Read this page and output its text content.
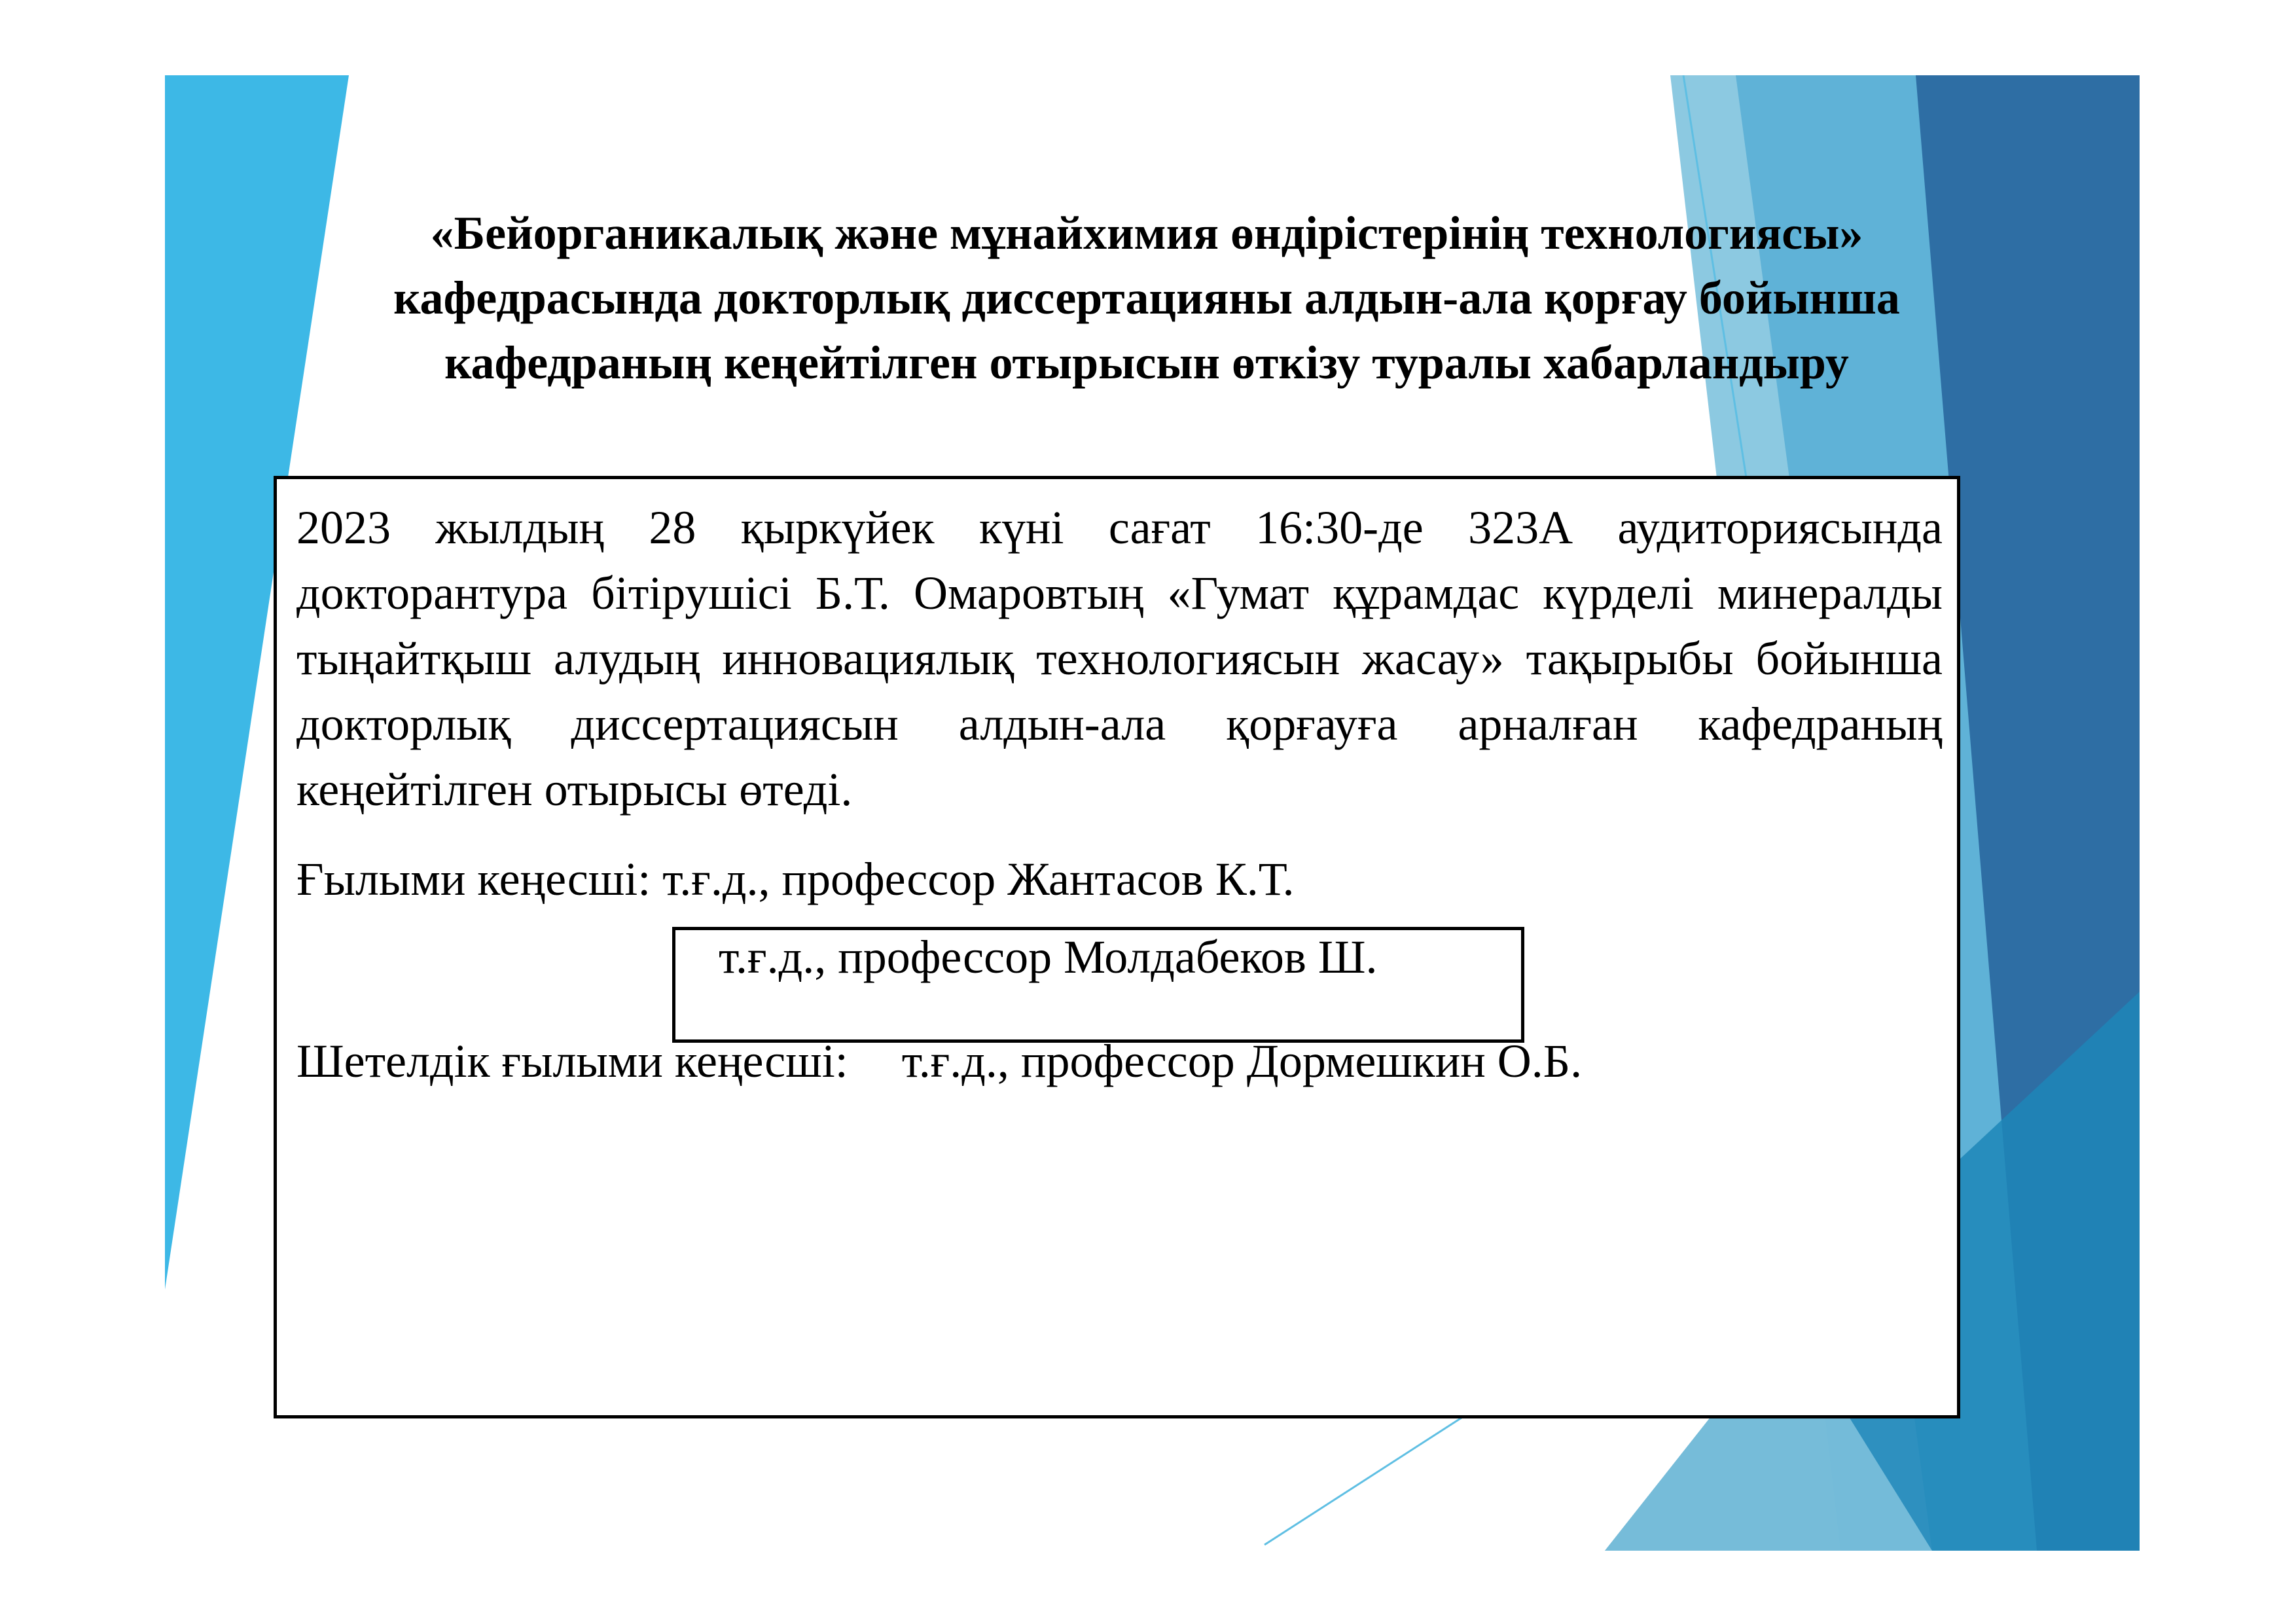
«Бейорганикалық және мұнайхимия өндірістерінің технологиясы» кафедрасында докторлық диссертацияны алдын-ала қорғау бойынша кафедраның кеңейтілген отырысын өткізу туралы хабарландыру

2023 жылдың 28 қыркүйек күні сағат 16:30-де 323А аудиториясында докторантура бітірушісі Б.Т. Омаровтың «Гумат құрамдас күрделі минералды тыңайтқыш алудың инновациялық технологиясын жасау» тақырыбы бойынша докторлық диссертациясын алдын-ала қорғауға арналған кафедраның кеңейтілген отырысы өтеді.

Ғылыми кеңесші: т.ғ.д., профессор Жантасов К.Т.

т.ғ.д., профессор Молдабеков Ш.

Шетелдік ғылыми кеңесші: т.ғ.д., профессор Дормешкин О.Б.
